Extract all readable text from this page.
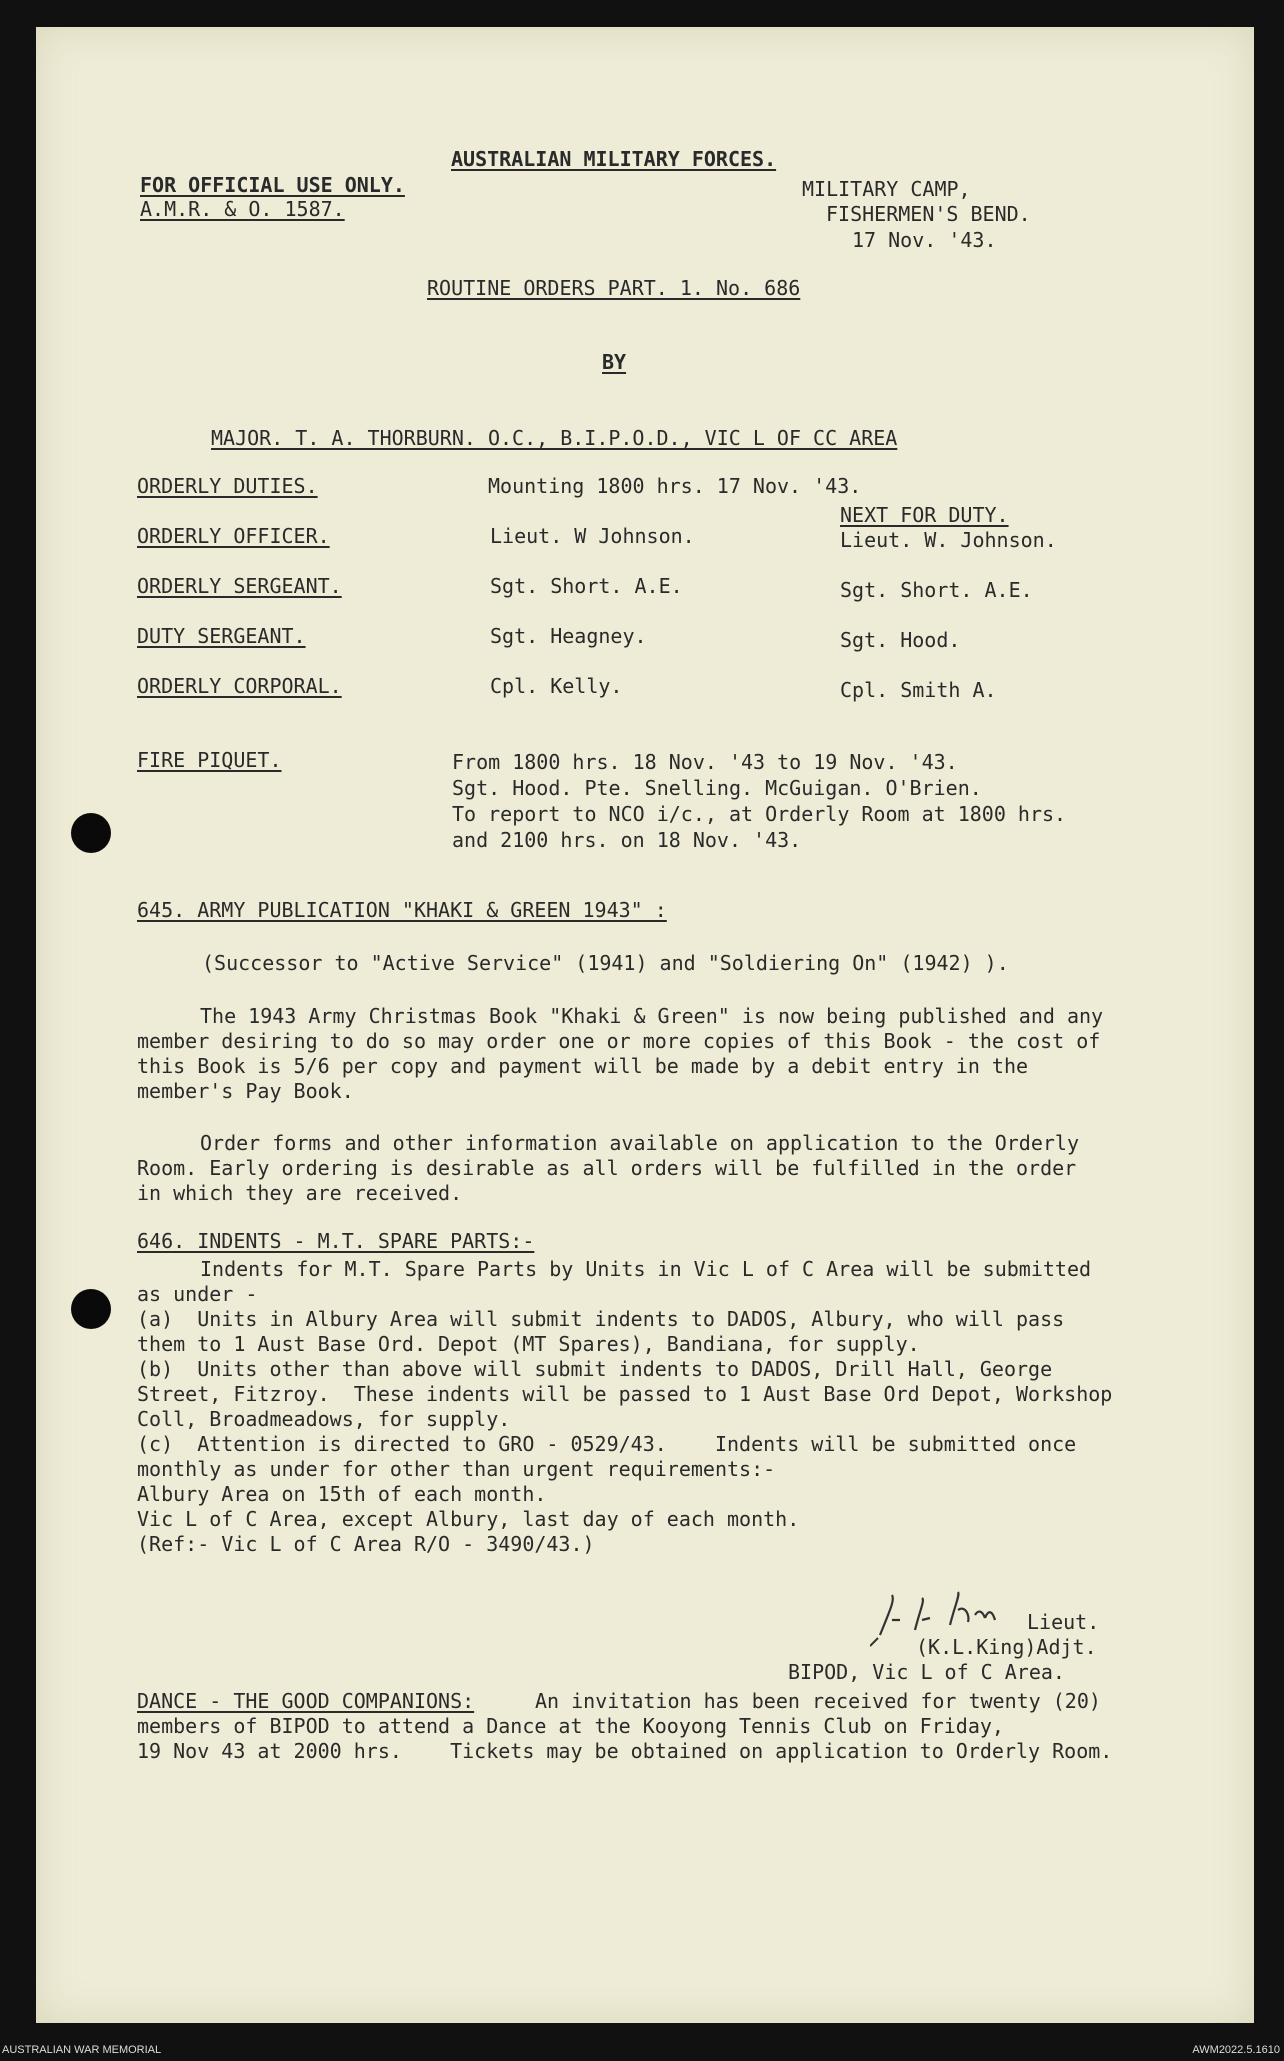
AUSTRALIAN MILITARY FORCES.
FOR OFFICIAL USE ONLY.
A.M.R. & O. 1587.
MILITARY CAMP,
FISHERMEN'S BEND.
17 Nov. '43.
ROUTINE ORDERS PART. 1. No. 686
BY
MAJOR. T. A. THORBURN. O.C., B.I.P.O.D., VIC L OF CC AREA
ORDERLY DUTIES.	Mounting 1800 hrs. 17 Nov. '43.
NEXT FOR DUTY.
ORDERLY OFFICER.	Lieut. W Johnson.	Lieut. W. Johnson.
ORDERLY SERGEANT.	Sgt. Short. A.E.	Sgt. Short. A.E.
DUTY SERGEANT.	Sgt. Heagney.	Sgt. Hood.
ORDERLY CORPORAL.	Cpl. Kelly.	Cpl. Smith A.
FIRE PIQUET.	From 1800 hrs. 18 Nov. '43 to 19 Nov. '43.
Sgt. Hood. Pte. Snelling. McGuigan. O'Brien.
To report to NCO i/c., at Orderly Room at 1800 hrs.
and 2100 hrs. on 18 Nov. '43.
645. ARMY PUBLICATION "KHAKI & GREEN 1943" :
(Successor to "Active Service" (1941) and "Soldiering On" (1942) ).
The 1943 Army Christmas Book "Khaki & Green" is now being published and any
member desiring to do so may order one or more copies of this Book - the cost of
this Book is 5/6 per copy and payment will be made by a debit entry in the
member's Pay Book.
Order forms and other information available on application to the Orderly
Room. Early ordering is desirable as all orders will be fulfilled in the order
in which they are received.
646. INDENTS - M.T. SPARE PARTS:-
Indents for M.T. Spare Parts by Units in Vic L of C Area will be submitted
as under -
(a)  Units in Albury Area will submit indents to DADOS, Albury, who will pass
them to 1 Aust Base Ord. Depot (MT Spares), Bandiana, for supply.
(b)  Units other than above will submit indents to DADOS, Drill Hall, George
Street, Fitzroy.  These indents will be passed to 1 Aust Base Ord Depot, Workshop
Coll, Broadmeadows, for supply.
(c)  Attention is directed to GRO - 0529/43.    Indents will be submitted once
monthly as under for other than urgent requirements:-
Albury Area on 15th of each month.
Vic L of C Area, except Albury, last day of each month.
(Ref:- Vic L of C Area R/O - 3490/43.)
Lieut.
(K.L.King)Adjt.
BIPOD, Vic L of C Area.
DANCE - THE GOOD COMPANIONS:	An invitation has been received for twenty (20)
members of BIPOD to attend a Dance at the Kooyong Tennis Club on Friday,
19 Nov 43 at 2000 hrs.    Tickets may be obtained on application to Orderly Room.
AUSTRALIAN WAR MEMORIAL	AWM2022.5.1610
